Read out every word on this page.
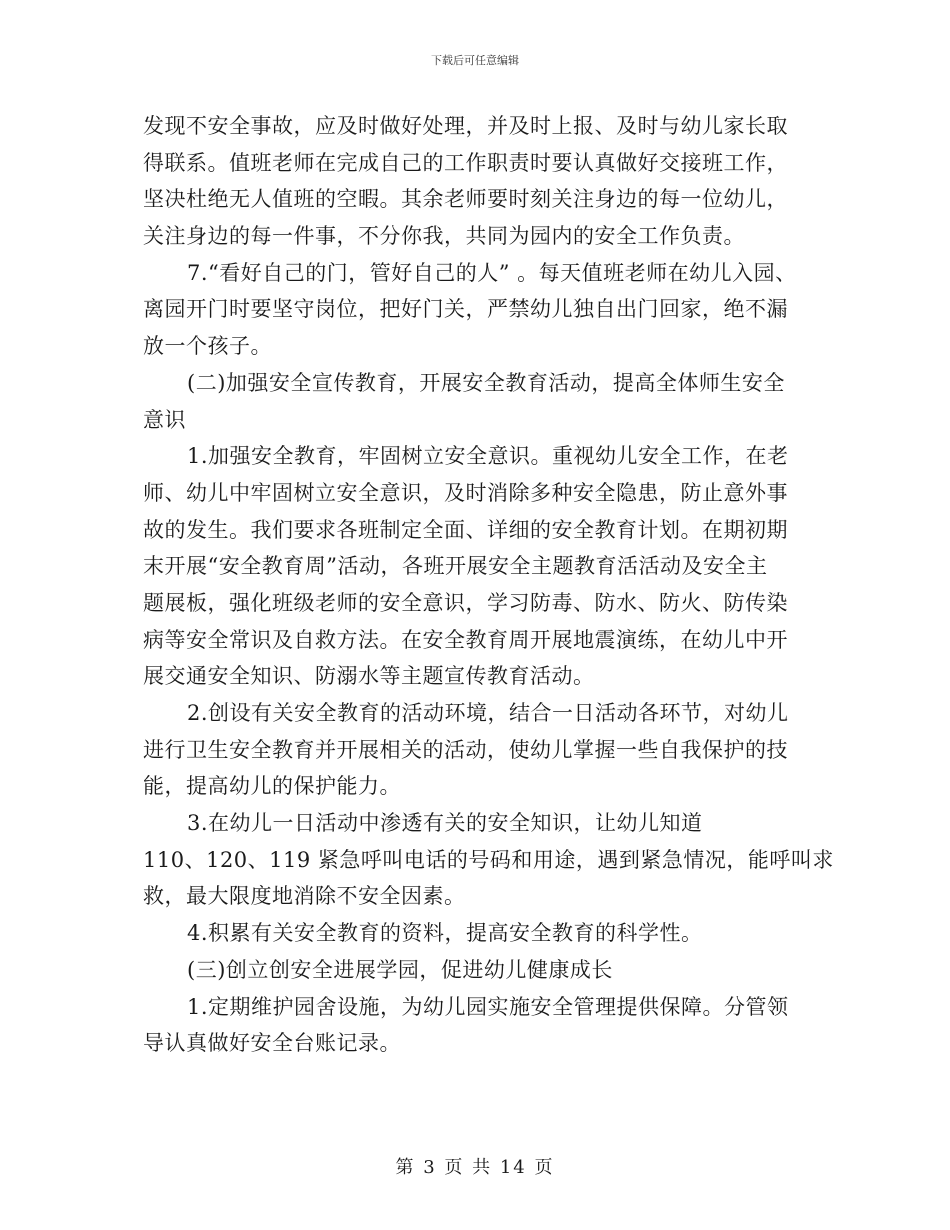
下载后可任意编辑
发现不安全事故，应及时做好处理，并及时上报、及时与幼儿家长取
得联系。值班老师在完成自己的工作职责时要认真做好交接班工作，
坚决杜绝无人值班的空暇。其余老师要时刻关注身边的每一位幼儿，
关注身边的每一件事，不分你我，共同为园内的安全工作负责。
7.“看好自己的门，管好自己的人” 。每天值班老师在幼儿入园、
离园开门时要坚守岗位，把好门关，严禁幼儿独自出门回家，绝不漏
放一个孩子。
(二)加强安全宣传教育，开展安全教育活动，提高全体师生安全
意识
1.加强安全教育，牢固树立安全意识。重视幼儿安全工作，在老
师、幼儿中牢固树立安全意识，及时消除多种安全隐患，防止意外事
故的发生。我们要求各班制定全面、详细的安全教育计划。在期初期
末开展“安全教育周”活动，各班开展安全主题教育活活动及安全主
题展板，强化班级老师的安全意识，学习防毒、防水、防火、防传染
病等安全常识及自救方法。在安全教育周开展地震演练，在幼儿中开
展交通安全知识、防溺水等主题宣传教育活动。
2.创设有关安全教育的活动环境，结合一日活动各环节，对幼儿
进行卫生安全教育并开展相关的活动，使幼儿掌握一些自我保护的技
能，提高幼儿的保护能力。
3.在幼儿一日活动中渗透有关的安全知识，让幼儿知道
110、120、119 紧急呼叫电话的号码和用途，遇到紧急情况，能呼叫求
救，最大限度地消除不安全因素。
4.积累有关安全教育的资料，提高安全教育的科学性。
(三)创立创安全进展学园，促进幼儿健康成长
1.定期维护园舍设施，为幼儿园实施安全管理提供保障。分管领
导认真做好安全台账记录。
第 3 页 共 14 页
